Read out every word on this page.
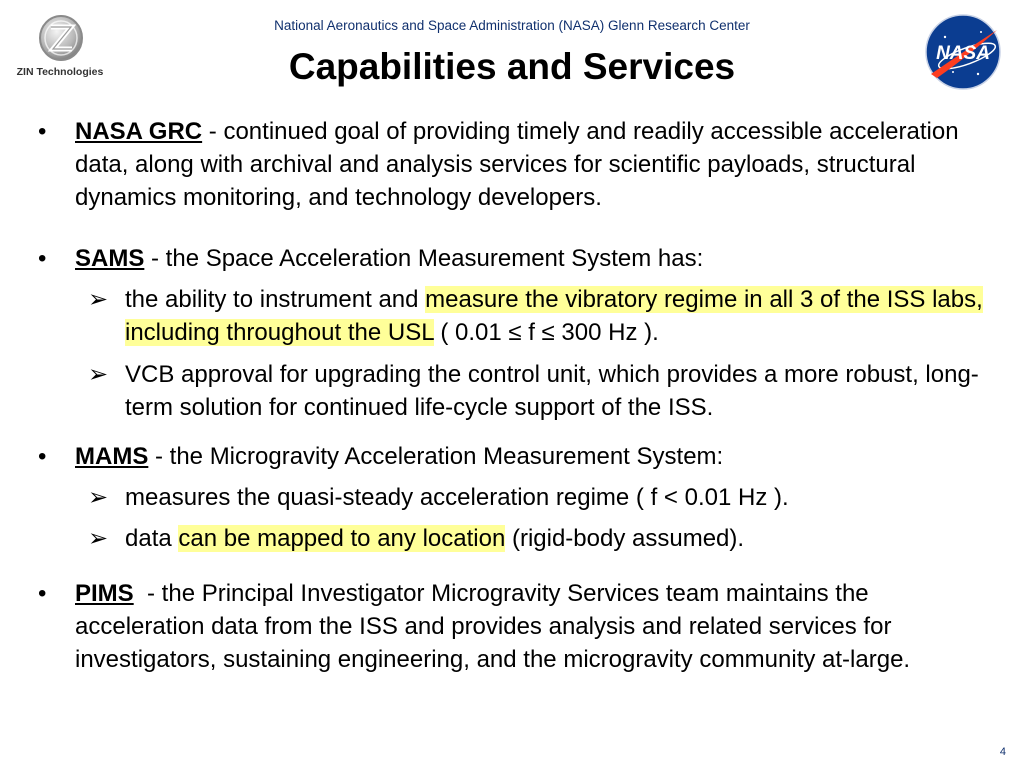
ZIN Technologies
National Aeronautics and Space Administration (NASA) Glenn Research Center
Capabilities and Services	NASA
•	NASA GRC - continued goal of providing timely and readily accessible acceleration data, along with archival and analysis services for scientific payloads, structural dynamics monitoring, and technology developers.
•	SAMS - the Space Acceleration Measurement System has:
➢ the ability to instrument and measure the vibratory regime in all 3 of the ISS labs, including throughout the USL ( 0.01 ≤ f ≤ 300 Hz ).
➢ VCB approval for upgrading the control unit, which provides a more robust, long-term solution for continued life-cycle support of the ISS.
•	MAMS - the Microgravity Acceleration Measurement System:
➢ measures the quasi-steady acceleration regime ( f < 0.01 Hz ).
➢ data can be mapped to any location (rigid-body assumed).
•	PIMS  - the Principal Investigator Microgravity Services team maintains the acceleration data from the ISS and provides analysis and related services for investigators, sustaining engineering, and the microgravity community at-large.
4
